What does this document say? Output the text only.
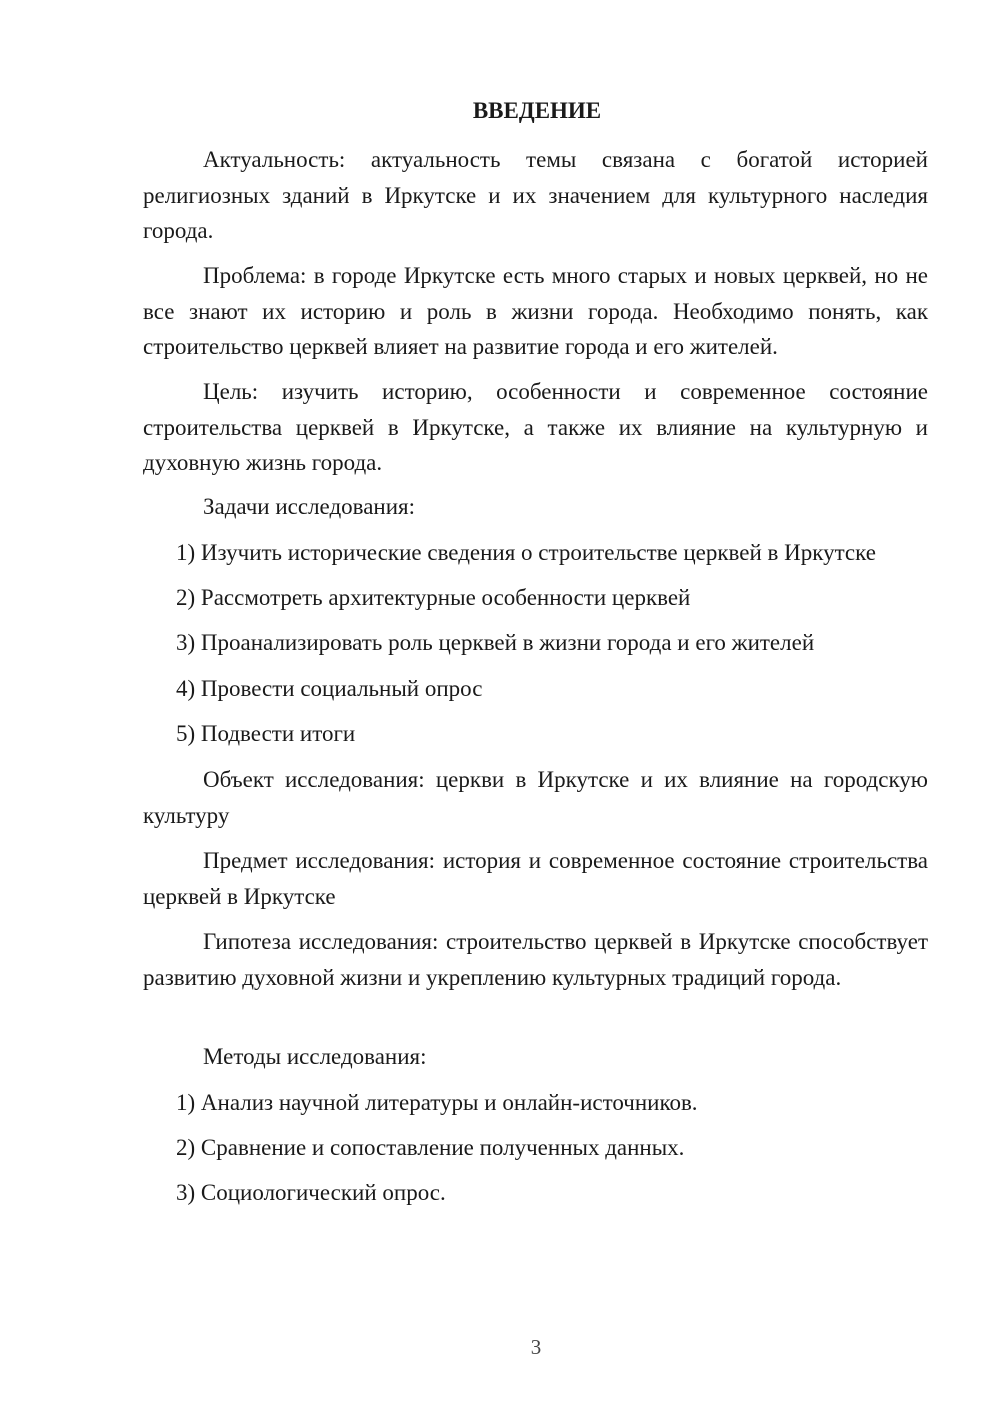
ВВЕДЕНИЕ

Актуальность: актуальность темы связана с богатой историей религиозных зданий в Иркутске и их значением для культурного наследия города.

Проблема: в городе Иркутске есть много старых и новых церквей, но не все знают их историю и роль в жизни города. Необходимо понять, как строительство церквей влияет на развитие города и его жителей.

Цель: изучить историю, особенности и современное состояние строительства церквей в Иркутске, а также их влияние на культурную и духовную жизнь города.

Задачи исследования:

1) Изучить исторические сведения о строительстве церквей в Иркутске

2) Рассмотреть архитектурные особенности церквей

3) Проанализировать роль церквей в жизни города и его жителей

4) Провести социальный опрос

5) Подвести итоги

Объект исследования: церкви в Иркутске и их влияние на городскую культуру

Предмет исследования: история и современное состояние строительства церквей в Иркутске

Гипотеза исследования: строительство церквей в Иркутске способствует развитию духовной жизни и укреплению культурных традиций города.

Методы исследования:

1) Анализ научной литературы и онлайн-источников.

2) Сравнение и сопоставление полученных данных.

3) Социологический опрос.

3
